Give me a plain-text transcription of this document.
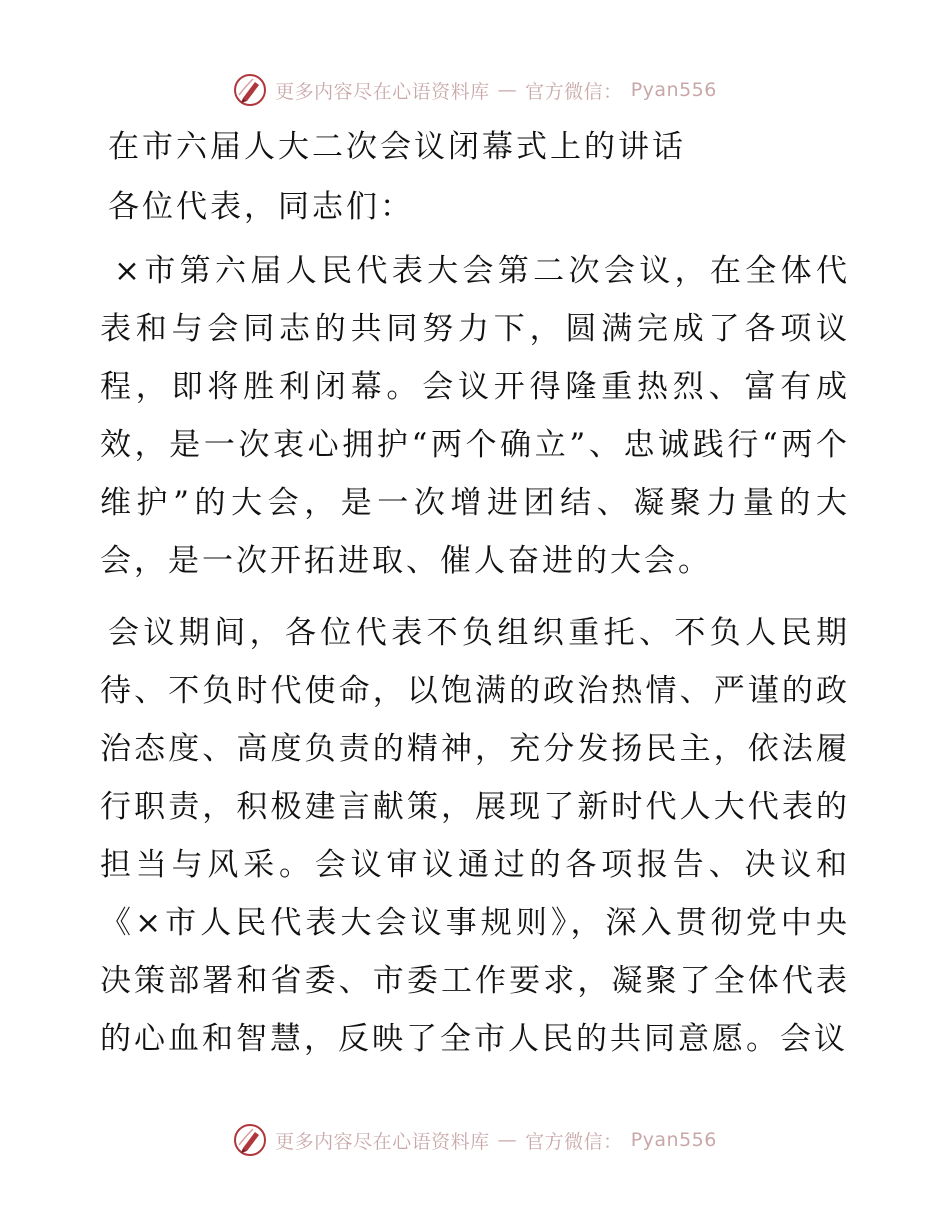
更多内容尽在心语资料库 — 官方微信： Pyan556
在市六届人大二次会议闭幕式上的讲话

各位代表，同志们：

×市第六届人民代表大会第二次会议，在全体代表和与会同志的共同努力下，圆满完成了各项议程，即将胜利闭幕。会议开得隆重热烈、富有成效，是一次衷心拥护“两个确立”、忠诚践行“两个维护”的大会，是一次增进团结、凝聚力量的大会，是一次开拓进取、催人奋进的大会。

会议期间，各位代表不负组织重托、不负人民期待、不负时代使命，以饱满的政治热情、严谨的政治态度、高度负责的精神，充分发扬民主，依法履行职责，积极建言献策，展现了新时代人大代表的担当与风采。会议审议通过的各项报告、决议和《×市人民代表大会议事规则》，深入贯彻党中央决策部署和省委、市委工作要求，凝聚了全体代表的心血和智慧，反映了全市人民的共同意愿。会议

更多内容尽在心语资料库 — 官方微信： Pyan556
